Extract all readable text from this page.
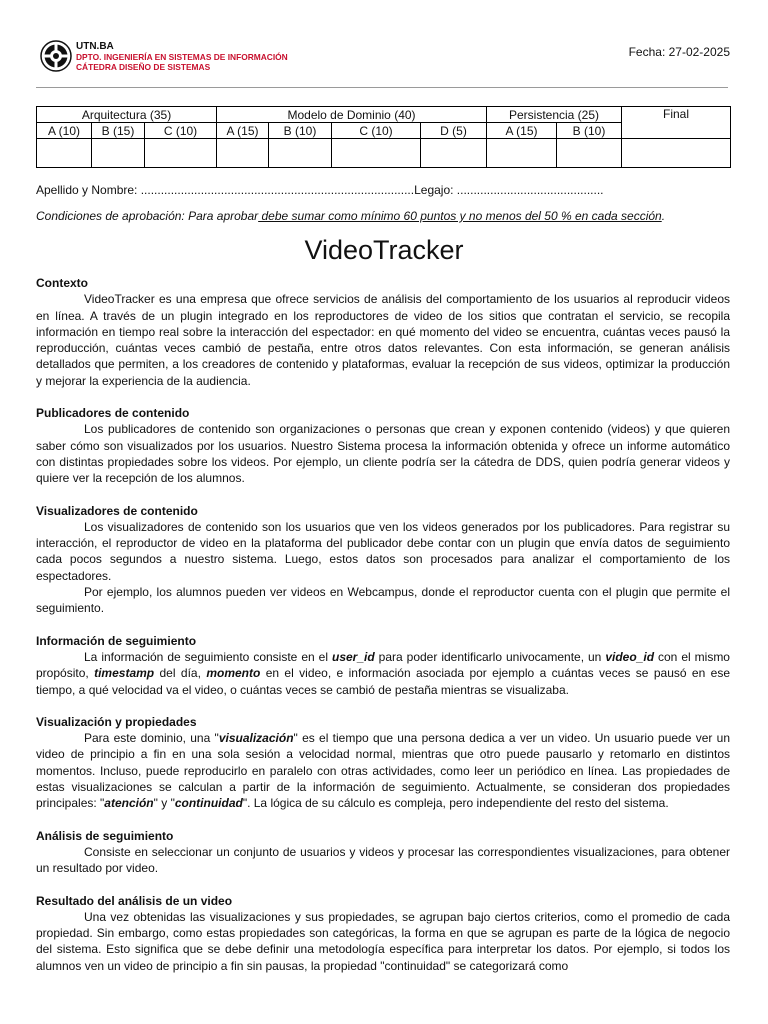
UTN.BA
DPTO. INGENIERÍA EN SISTEMAS DE INFORMACIÓN
CÁTEDRA DISEÑO DE SISTEMAS
Fecha: 27-02-2025
Arquitectura (35)			Modelo de Dominio (40)				Persistencia (25)		Final
A (10)	B (15)	C (10)	A (15)	B (10)	C (10)	D (5)	A (15)	B (10)	

Apellido y Nombre: ..................................................................................Legajo: ............................................
Condiciones de aprobación: Para aprobar debe sumar como mínimo 60 puntos y no menos del 50 % en cada sección.
VideoTracker
Contexto

VideoTracker es una empresa que ofrece servicios de análisis del comportamiento de los usuarios al reproducir videos en línea. A través de un plugin integrado en los reproductores de video de los sitios que contratan el servicio, se recopila información en tiempo real sobre la interacción del espectador: en qué momento del video se encuentra, cuántas veces pausó la reproducción, cuántas veces cambió de pestaña, entre otros datos relevantes. Con esta información, se generan análisis detallados que permiten, a los creadores de contenido y plataformas, evaluar la recepción de sus videos, optimizar la producción y mejorar la experiencia de la audiencia.

Publicadores de contenido

Los publicadores de contenido son organizaciones o personas que crean y exponen contenido (videos) y que quieren saber cómo son visualizados por los usuarios. Nuestro Sistema procesa la información obtenida y ofrece un informe automático con distintas propiedades sobre los videos. Por ejemplo, un cliente podría ser la cátedra de DDS, quien podría generar videos y quiere ver la recepción de los alumnos.

Visualizadores de contenido

Los visualizadores de contenido son los usuarios que ven los videos generados por los publicadores. Para registrar su interacción, el reproductor de video en la plataforma del publicador debe contar con un plugin que envía datos de seguimiento cada pocos segundos a nuestro sistema. Luego, estos datos son procesados para analizar el comportamiento de los espectadores.

Por ejemplo, los alumnos pueden ver videos en Webcampus, donde el reproductor cuenta con el plugin que permite el seguimiento.

Información de seguimiento

La información de seguimiento consiste en el user_id para poder identificarlo univocamente, un video_id con el mismo propósito, timestamp del día, momento en el video, e información asociada por ejemplo a cuántas veces se pausó en ese tiempo, a qué velocidad va el video, o cuántas veces se cambió de pestaña mientras se visualizaba.

Visualización y propiedades

Para este dominio, una "visualización" es el tiempo que una persona dedica a ver un video. Un usuario puede ver un video de principio a fin en una sola sesión a velocidad normal, mientras que otro puede pausarlo y retomarlo en distintos momentos. Incluso, puede reproducirlo en paralelo con otras actividades, como leer un periódico en línea. Las propiedades de estas visualizaciones se calculan a partir de la información de seguimiento. Actualmente, se consideran dos propiedades principales: "atención" y "continuidad". La lógica de su cálculo es compleja, pero independiente del resto del sistema.

Análisis de seguimiento

Consiste en seleccionar un conjunto de usuarios y videos y procesar las correspondientes visualizaciones, para obtener un resultado por video.

Resultado del análisis de un video

Una vez obtenidas las visualizaciones y sus propiedades, se agrupan bajo ciertos criterios, como el promedio de cada propiedad. Sin embargo, como estas propiedades son categóricas, la forma en que se agrupan es parte de la lógica de negocio del sistema. Esto significa que se debe definir una metodología específica para interpretar los datos. Por ejemplo, si todos los alumnos ven un video de principio a fin sin pausas, la propiedad "continuidad" se categorizará como
